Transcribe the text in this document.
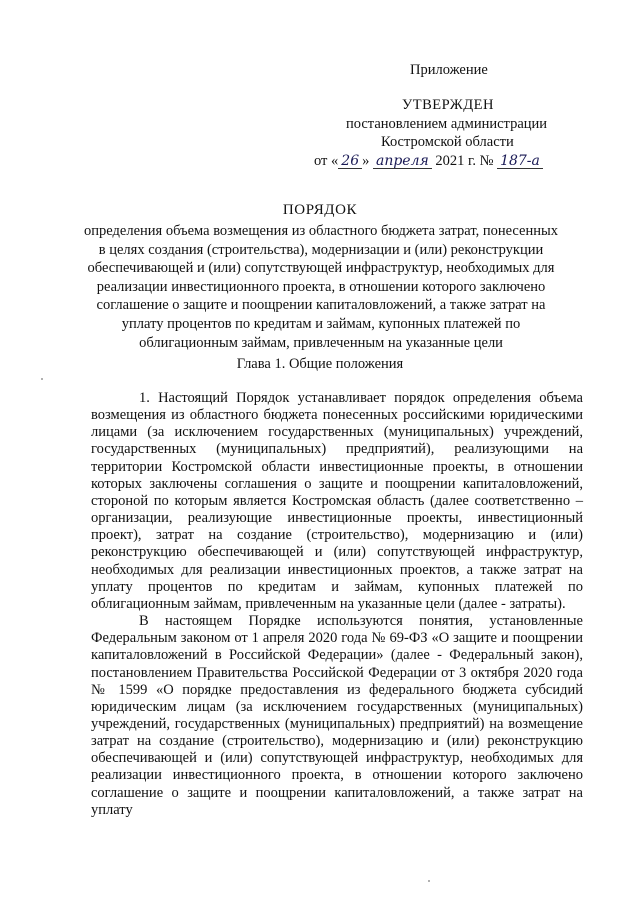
Приложение
УТВЕРЖДЕН
постановлением администрации
Костромской области
от « 26 » апреля 2021 г. № 187-а
ПОРЯДОК
определения объема возмещения из областного бюджета затрат, понесенных в целях создания (строительства), модернизации и (или) реконструкции обеспечивающей и (или) сопутствующей инфраструктур, необходимых для реализации инвестиционного проекта, в отношении которого заключено соглашение о защите и поощрении капиталовложений, а также затрат на уплату процентов по кредитам и займам, купонных платежей по облигационным займам, привлеченным на указанные цели
Глава 1. Общие положения

1. Настоящий Порядок устанавливает порядок определения объема возмещения из областного бюджета понесенных российскими юридическими лицами (за исключением государственных (муниципальных) учреждений, государственных (муниципальных) предприятий), реализующими на территории Костромской области инвестиционные проекты, в отношении которых заключены соглашения о защите и поощрении капиталовложений, стороной по которым является Костромская область (далее соответственно – организации, реализующие инвестиционные проекты, инвестиционный проект), затрат на создание (строительство), модернизацию и (или) реконструкцию обеспечивающей и (или) сопутствующей инфраструктур, необходимых для реализации инвестиционных проектов, а также затрат на уплату процентов по кредитам и займам, купонных платежей по облигационным займам, привлеченным на указанные цели (далее - затраты).

В настоящем Порядке используются понятия, установленные Федеральным законом от 1 апреля 2020 года № 69-ФЗ «О защите и поощрении капиталовложений в Российской Федерации» (далее - Федеральный закон), постановлением Правительства Российской Федерации от 3 октября 2020 года № 1599 «О порядке предоставления из федерального бюджета субсидий юридическим лицам (за исключением государственных (муниципальных) учреждений, государственных (муниципальных) предприятий) на возмещение затрат на создание (строительство), модернизацию и (или) реконструкцию обеспечивающей и (или) сопутствующей инфраструктур, необходимых для реализации инвестиционного проекта, в отношении которого заключено соглашение о защите и поощрении капиталовложений, а также затрат на уплату
